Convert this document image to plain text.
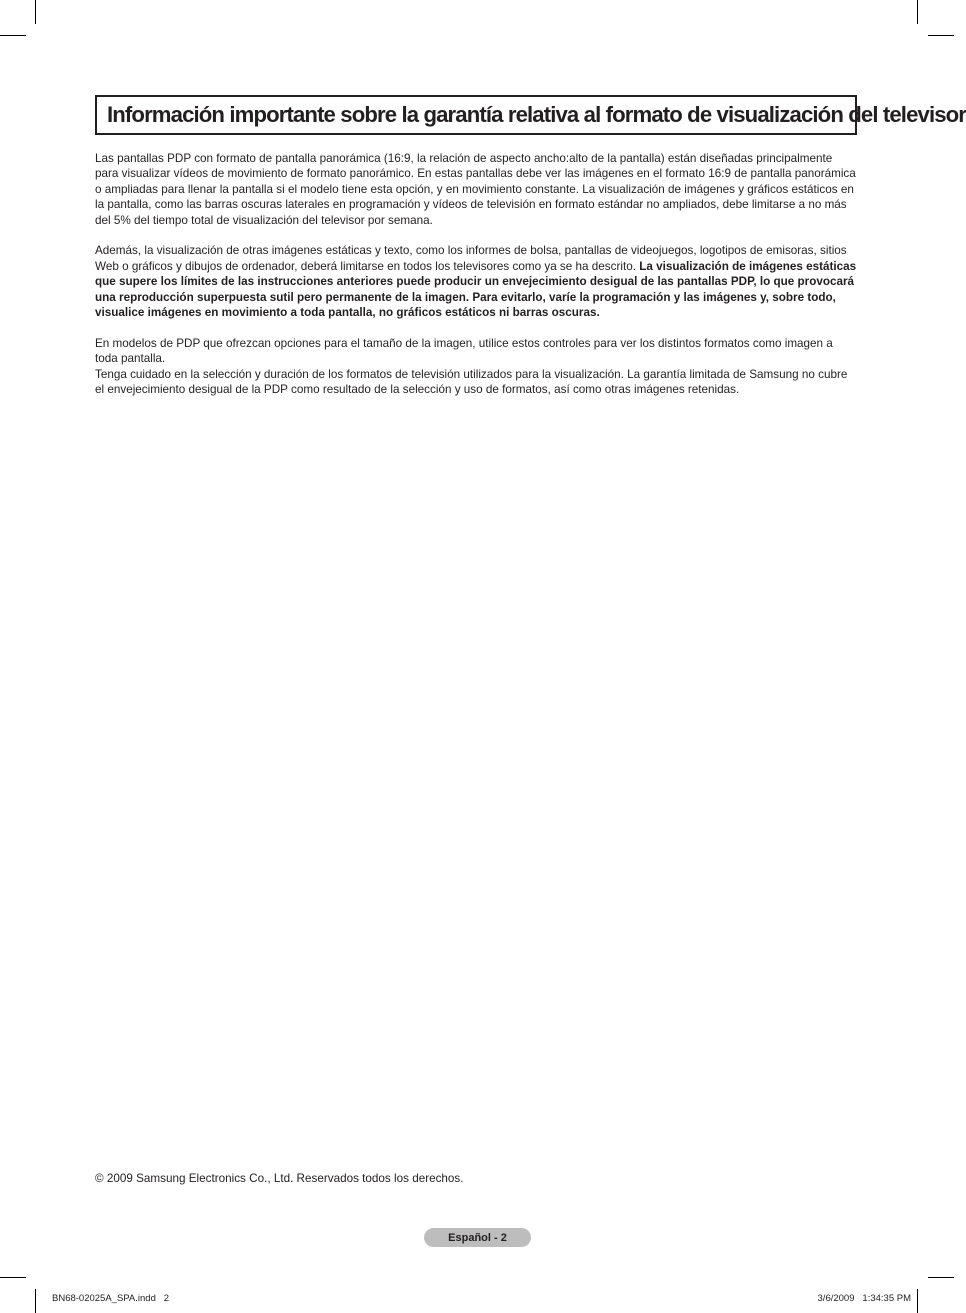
Información importante sobre la garantía relativa al formato de visualización del televisor

Las pantallas PDP con formato de pantalla panorámica (16:9, la relación de aspecto ancho:alto de la pantalla) están diseñadas principalmente para visualizar vídeos de movimiento de formato panorámico. En estas pantallas debe ver las imágenes en el formato 16:9 de pantalla panorámica o ampliadas para llenar la pantalla si el modelo tiene esta opción, y en movimiento constante. La visualización de imágenes y gráficos estáticos en la pantalla, como las barras oscuras laterales en programación y vídeos de televisión en formato estándar no ampliados, debe limitarse a no más del 5% del tiempo total de visualización del televisor por semana.

Además, la visualización de otras imágenes estáticas y texto, como los informes de bolsa, pantallas de videojuegos, logotipos de emisoras, sitios Web o gráficos y dibujos de ordenador, deberá limitarse en todos los televisores como ya se ha descrito. La visualización de imágenes estáticas que supere los límites de las instrucciones anteriores puede producir un envejecimiento desigual de las pantallas PDP, lo que provocará una reproducción superpuesta sutil pero permanente de la imagen. Para evitarlo, varíe la programación y las imágenes y, sobre todo, visualice imágenes en movimiento a toda pantalla, no gráficos estáticos ni barras oscuras.

En modelos de PDP que ofrezcan opciones para el tamaño de la imagen, utilice estos controles para ver los distintos formatos como imagen a toda pantalla.

Tenga cuidado en la selección y duración de los formatos de televisión utilizados para la visualización. La garantía limitada de Samsung no cubre el envejecimiento desigual de la PDP como resultado de la selección y uso de formatos, así como otras imágenes retenidas.

© 2009 Samsung Electronics Co., Ltd. Reservados todos los derechos.
Español - 2
BN68-02025A_SPA.indd   2	3/6/2009   1:34:35 PM
